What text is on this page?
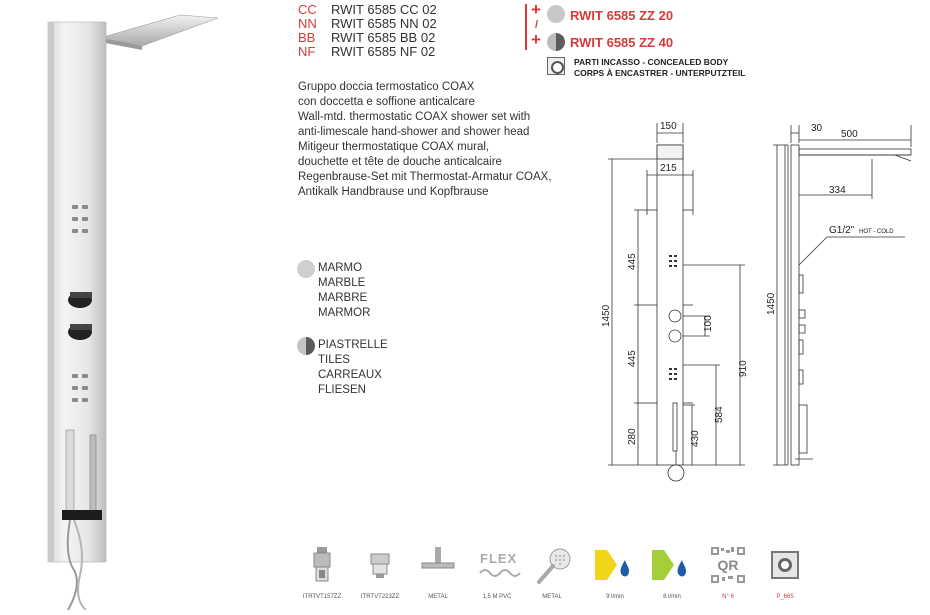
CC RWIT 6585 CC 02
NN RWIT 6585 NN 02
BB RWIT 6585 BB 02
NF RWIT 6585 NF 02
+
/
+
RWIT 6585 ZZ 20
RWIT 6585 ZZ 40
PARTI INCASSO - CONCEALED BODY
CORPS À ENCASTRER - UNTERPUTZTEIL
Gruppo doccia termostatico COAX
con doccetta e soffione anticalcare
Wall-mtd. thermostatic COAX shower set with
anti-limescale hand-shower and shower head
Mitigeur thermostatique COAX mural,
douchette et tête de douche anticalcaire
Regenbrause-Set mit Thermostat-Armatur COAX,
Antikalk Handbrause und Kopfbrause
MARMO
MARBLE
MARBRE
MARMOR
PIASTRELLE
TILES
CARREAUX
FLIESEN
150
215
445
1450	100
445
910
584
430
280
30
500
334
1450
G1/2" HOT - COLD
ITRTVT157ZZ	ITRTVT223ZZ	METAL
FLEX
1,5 M PVC	METAL	9 l/min	8 l/min
QR
N° 6	P_665
